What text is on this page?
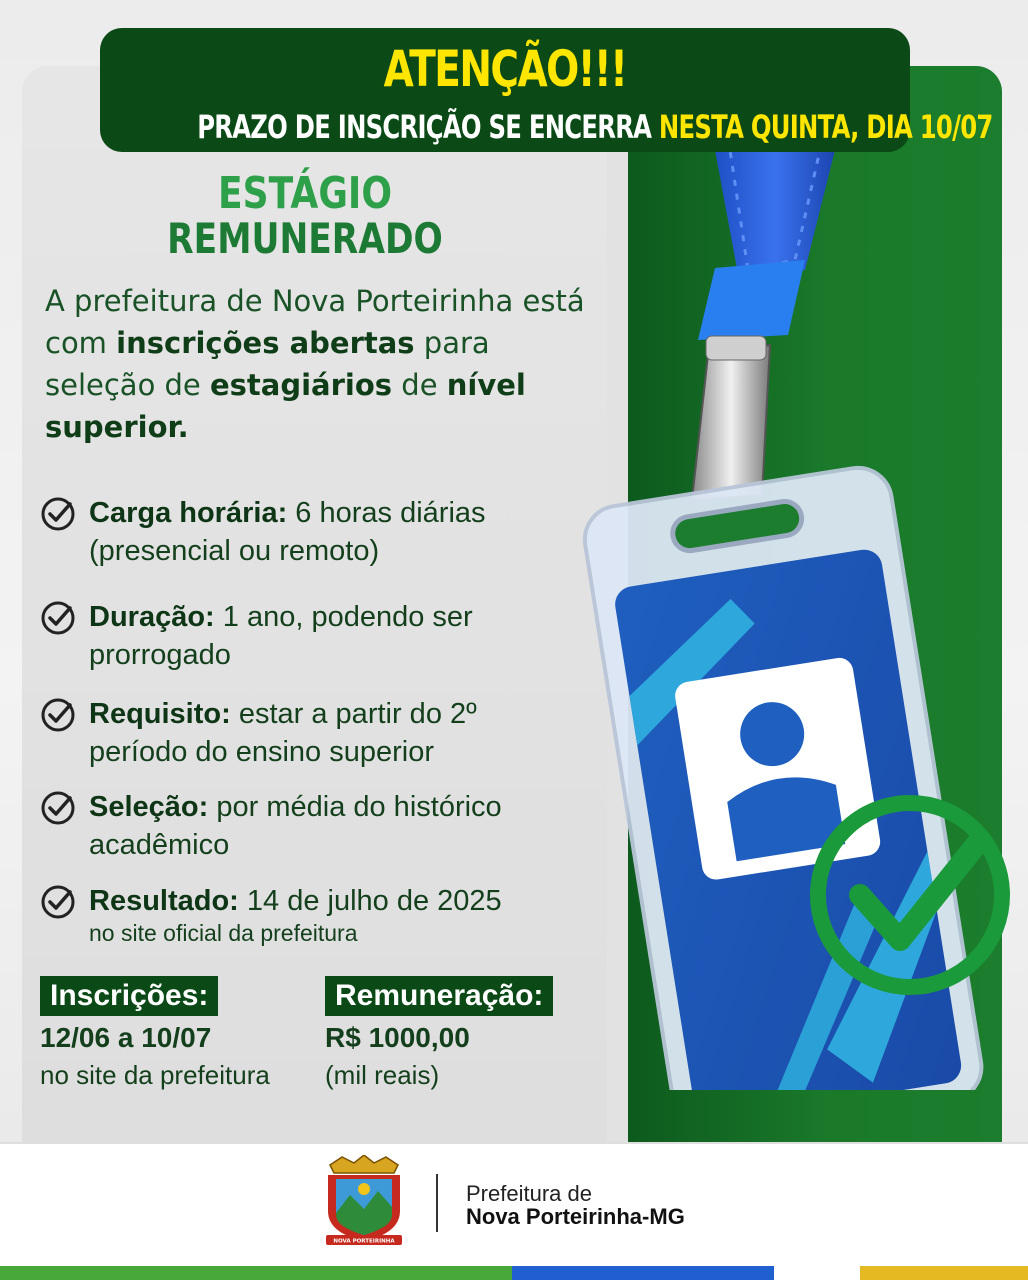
ATENÇÃO!!!
PRAZO DE INSCRIÇÃO SE ENCERRA NESTA QUINTA, DIA 10/07
ESTÁGIO
REMUNERADO
A prefeitura de Nova Porteirinha está com inscrições abertas para seleção de estagiários de nível superior.
Carga horária: 6 horas diárias (presencial ou remoto)
Duração: 1 ano, podendo ser prorrogado
Requisito: estar a partir do 2º período do ensino superior
Seleção: por média do histórico acadêmico
Resultado: 14 de julho de 2025
no site oficial da prefeitura
Inscrições:
12/06 a 10/07
no site da prefeitura
Remuneração:
R$ 1000,00
(mil reais)
NOVA PORTEIRINHA
Prefeitura de
Nova Porteirinha-MG
